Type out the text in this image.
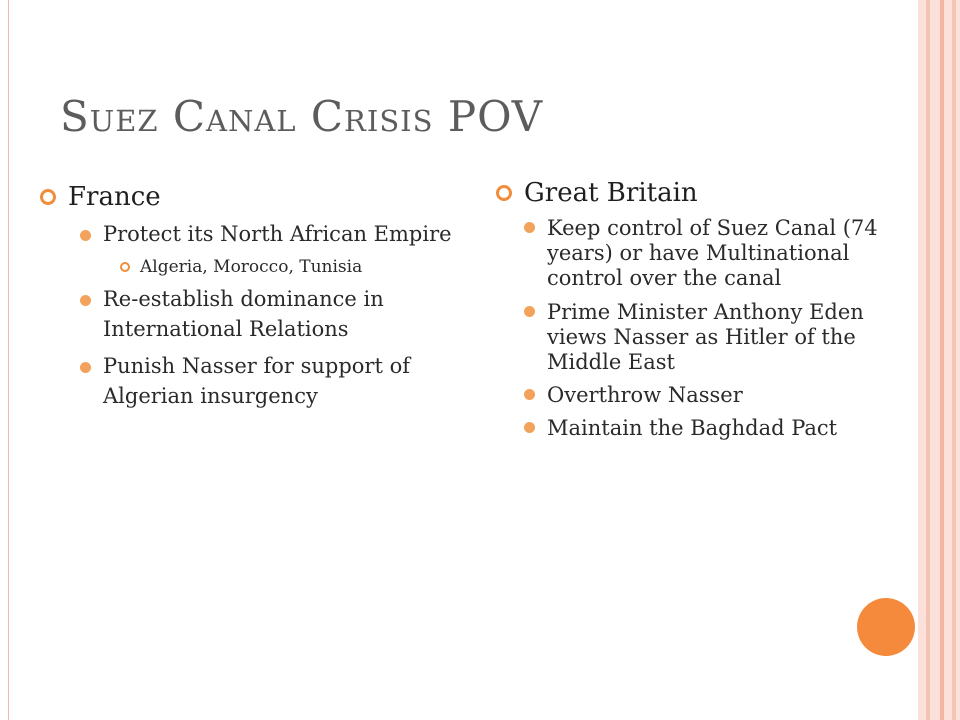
Suez Canal Crisis POV
France
Protect its North African Empire
Algeria, Morocco, Tunisia
Re-establish dominance in International Relations
Punish Nasser for support of Algerian insurgency
Great Britain
Keep control of Suez Canal (74 years) or have Multinational control over the canal
Prime Minister Anthony Eden views Nasser as Hitler of the Middle East
Overthrow Nasser
Maintain the Baghdad Pact
